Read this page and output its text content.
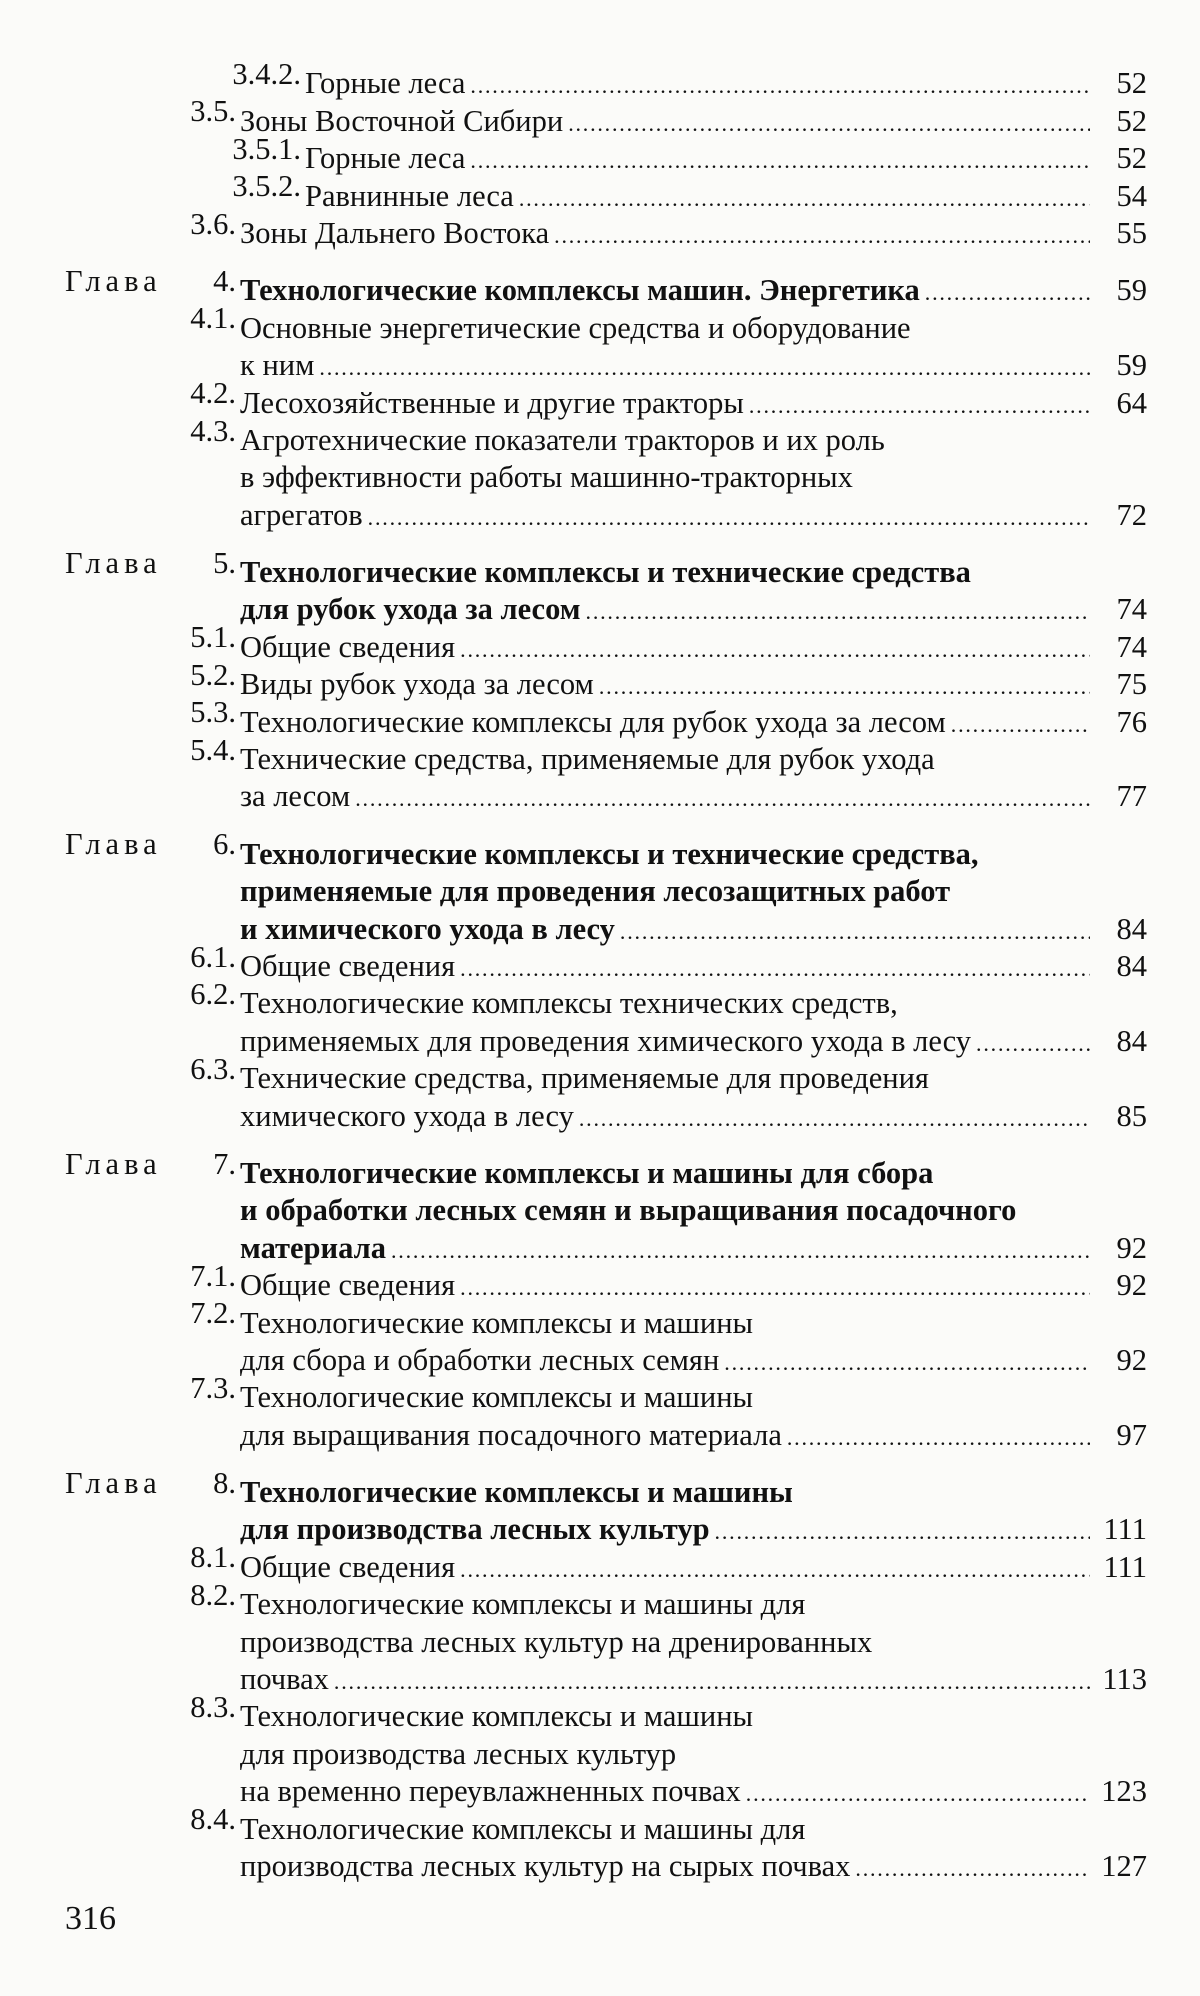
3.4.2. Горные леса .....	52
3.5. Зоны Восточной Сибири .....	52
3.5.1. Горные леса .....	52
3.5.2. Равнинные леса .....	54
3.6. Зоны Дальнего Востока .....	55
Глава 4. Технологические комплексы машин. Энергетика .....	59
4.1. Основные энергетические средства и оборудование
к ним .....	59
4.2. Лесохозяйственные и другие тракторы .....	64
4.3. Агротехнические показатели тракторов и их роль
в эффективности работы машинно-тракторных
агрегатов .....	72
Глава 5. Технологические комплексы и технические средства
для рубок ухода за лесом .....	74
5.1. Общие сведения .....	74
5.2. Виды рубок ухода за лесом .....	75
5.3. Технологические комплексы для рубок ухода за лесом .....	76
5.4. Технические средства, применяемые для рубок ухода
за лесом .....	77
Глава 6. Технологические комплексы и технические средства,
применяемые для проведения лесозащитных работ
и химического ухода в лесу .....	84
6.1. Общие сведения .....	84
6.2. Технологические комплексы технических средств,
применяемых для проведения химического ухода в лесу .....	84
6.3. Технические средства, применяемые для проведения
химического ухода в лесу .....	85
Глава 7. Технологические комплексы и машины для сбора
и обработки лесных семян и выращивания посадочного
материала .....	92
7.1. Общие сведения .....	92
7.2. Технологические комплексы и машины
для сбора и обработки лесных семян .....	92
7.3. Технологические комплексы и машины
для выращивания посадочного материала .....	97
Глава 8. Технологические комплексы и машины
для производства лесных культур .....	111
8.1. Общие сведения .....	111
8.2. Технологические комплексы и машины для
производства лесных культур на дренированных
почвах .....	113
8.3. Технологические комплексы и машины
для производства лесных культур
на временно переувлажненных почвах .....	123
8.4. Технологические комплексы и машины для
производства лесных культур на сырых почвах .....	127
316
